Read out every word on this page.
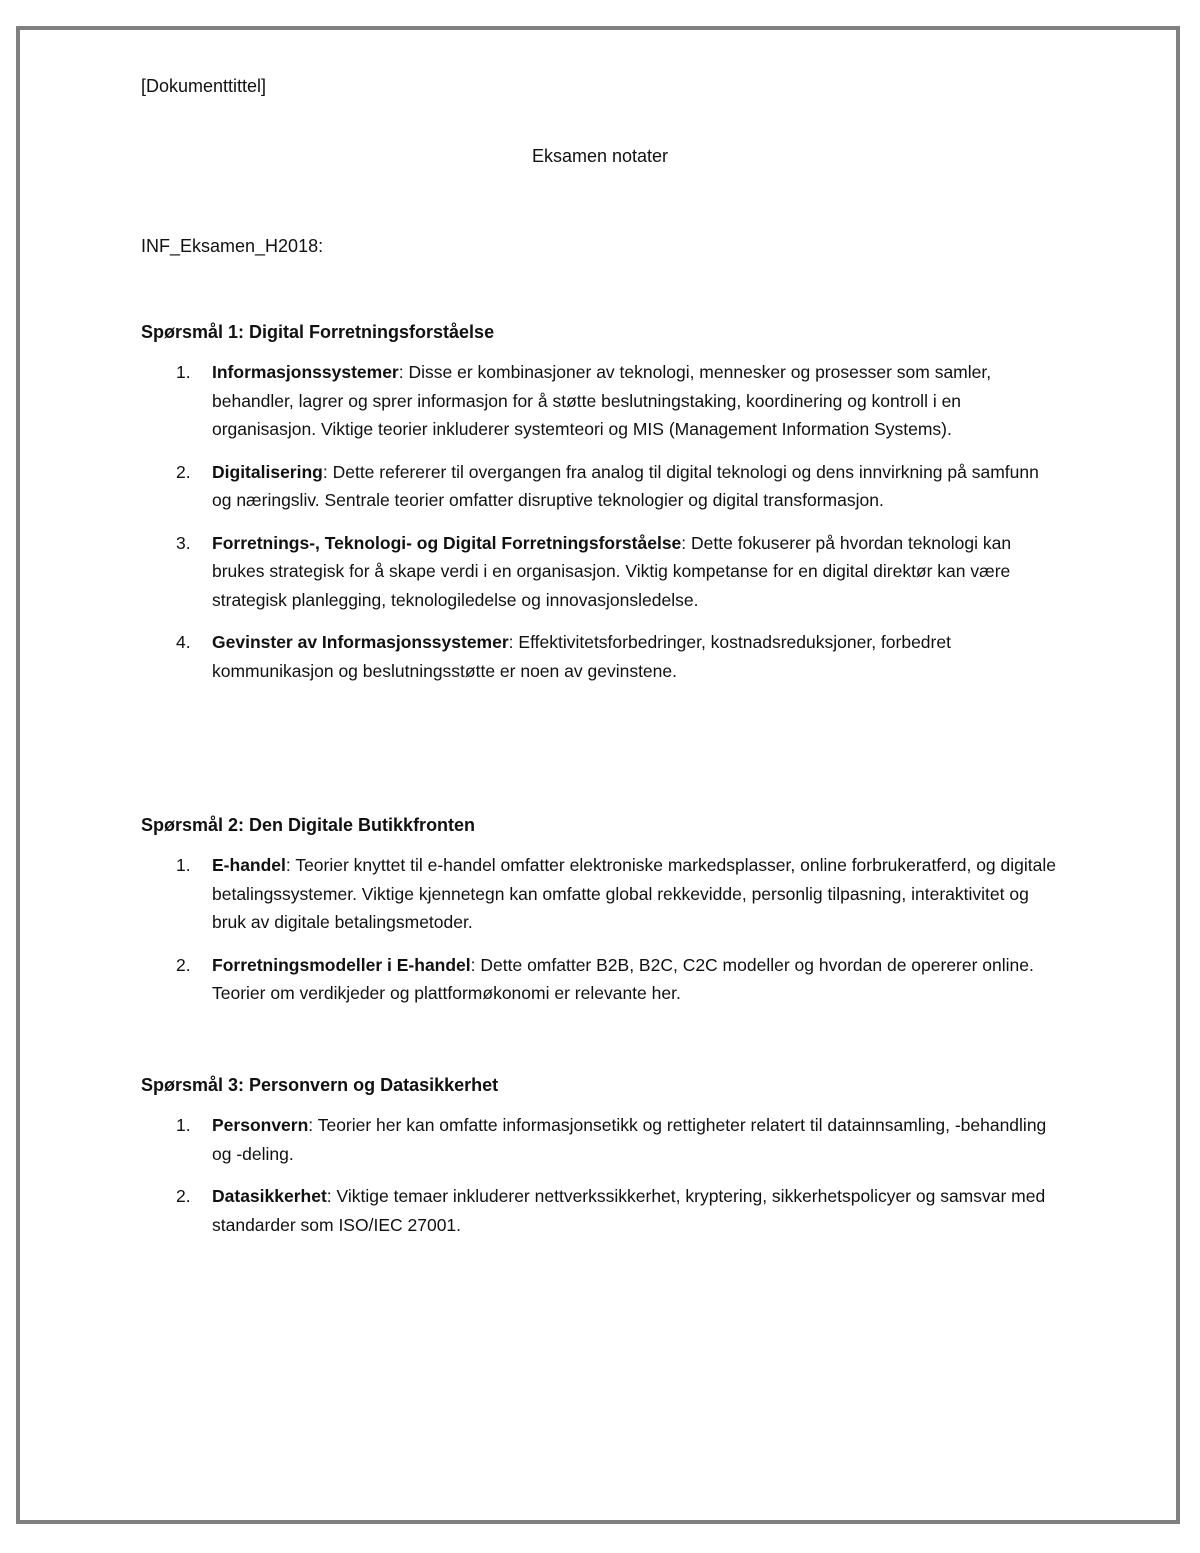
[Dokumenttittel]
Eksamen notater
INF_Eksamen_H2018:

Spørsmål 1: Digital Forretningsforståelse

1. Informasjonssystemer: Disse er kombinasjoner av teknologi, mennesker og prosesser som samler, behandler, lagrer og sprer informasjon for å støtte beslutningstaking, koordinering og kontroll i en organisasjon. Viktige teorier inkluderer systemteori og MIS (Management Information Systems).
2. Digitalisering: Dette refererer til overgangen fra analog til digital teknologi og dens innvirkning på samfunn og næringsliv. Sentrale teorier omfatter disruptive teknologier og digital transformasjon.
3. Forretnings-, Teknologi- og Digital Forretningsforståelse: Dette fokuserer på hvordan teknologi kan brukes strategisk for å skape verdi i en organisasjon. Viktig kompetanse for en digital direktør kan være strategisk planlegging, teknologiledelse og innovasjonsledelse.
4. Gevinster av Informasjonssystemer: Effektivitetsforbedringer, kostnadsreduksjoner, forbedret kommunikasjon og beslutningsstøtte er noen av gevinstene.

Spørsmål 2: Den Digitale Butikkfronten

1. E-handel: Teorier knyttet til e-handel omfatter elektroniske markedsplasser, online forbrukeratferd, og digitale betalingssystemer. Viktige kjennetegn kan omfatte global rekkevidde, personlig tilpasning, interaktivitet og bruk av digitale betalingsmetoder.
2. Forretningsmodeller i E-handel: Dette omfatter B2B, B2C, C2C modeller og hvordan de opererer online. Teorier om verdikjeder og plattformøkonomi er relevante her.

Spørsmål 3: Personvern og Datasikkerhet

1. Personvern: Teorier her kan omfatte informasjonsetikk og rettigheter relatert til datainnsamling, -behandling og -deling.
2. Datasikkerhet: Viktige temaer inkluderer nettverkssikkerhet, kryptering, sikkerhetspolicyer og samsvar med standarder som ISO/IEC 27001.
